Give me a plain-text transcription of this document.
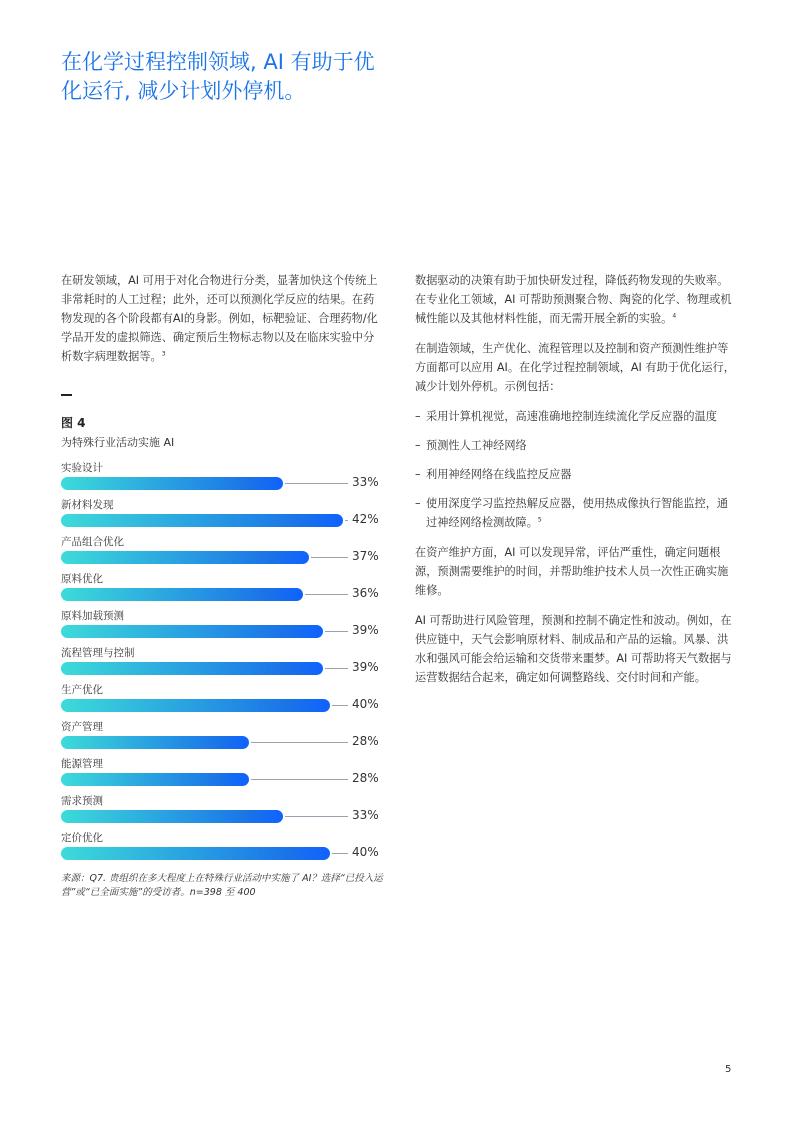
在化学过程控制领域, AI 有助于优化运行, 减少计划外停机。

在研发领域，AI 可用于对化合物进行分类，显著加快这个传统上非常耗时的人工过程；此外，还可以预测化学反应的结果。在药物发现的各个阶段都有AI的身影。例如，标靶验证、合理药物/化学品开发的虚拟筛选、确定预后生物标志物以及在临床实验中分析数字病理数据等。$^3$

图 4
为特殊行业活动实施 AI
实验设计
33%
新材料发现
42%
产品组合优化
37%
原料优化
36%
原料加载预测
39%
流程管理与控制
39%
生产优化
40%
资产管理
28%
能源管理
28%
需求预测
33%
定价优化
40%

来源：Q7. 贵组织在多大程度上在特殊行业活动中实施了 AI？选择“已投入运营”或“已全面实施”的受访者。n=398 至 400

数据驱动的决策有助于加快研发过程，降低药物发现的失败率。在专业化工领域，AI 可帮助预测聚合物、陶瓷的化学、物理或机械性能以及其他材料性能，而无需开展全新的实验。$^4$

在制造领域，生产优化、流程管理以及控制和资产预测性维护等方面都可以应用 AI。在化学过程控制领域，AI 有助于优化运行，减少计划外停机。示例包括：

– 采用计算机视觉，高速准确地控制连续流化学反应器的温度
– 预测性人工神经网络
– 利用神经网络在线监控反应器
– 使用深度学习监控热解反应器，使用热成像执行智能监控，通过神经网络检测故障。$^5$

在资产维护方面，AI 可以发现异常，评估严重性，确定问题根源，预测需要维护的时间，并帮助维护技术人员一次性正确实施维修。

AI 可帮助进行风险管理，预测和控制不确定性和波动。例如，在供应链中，天气会影响原材料、制成品和产品的运输。风暴、洪水和强风可能会给运输和交货带来噩梦。AI 可帮助将天气数据与运营数据结合起来，确定如何调整路线、交付时间和产能。

5
